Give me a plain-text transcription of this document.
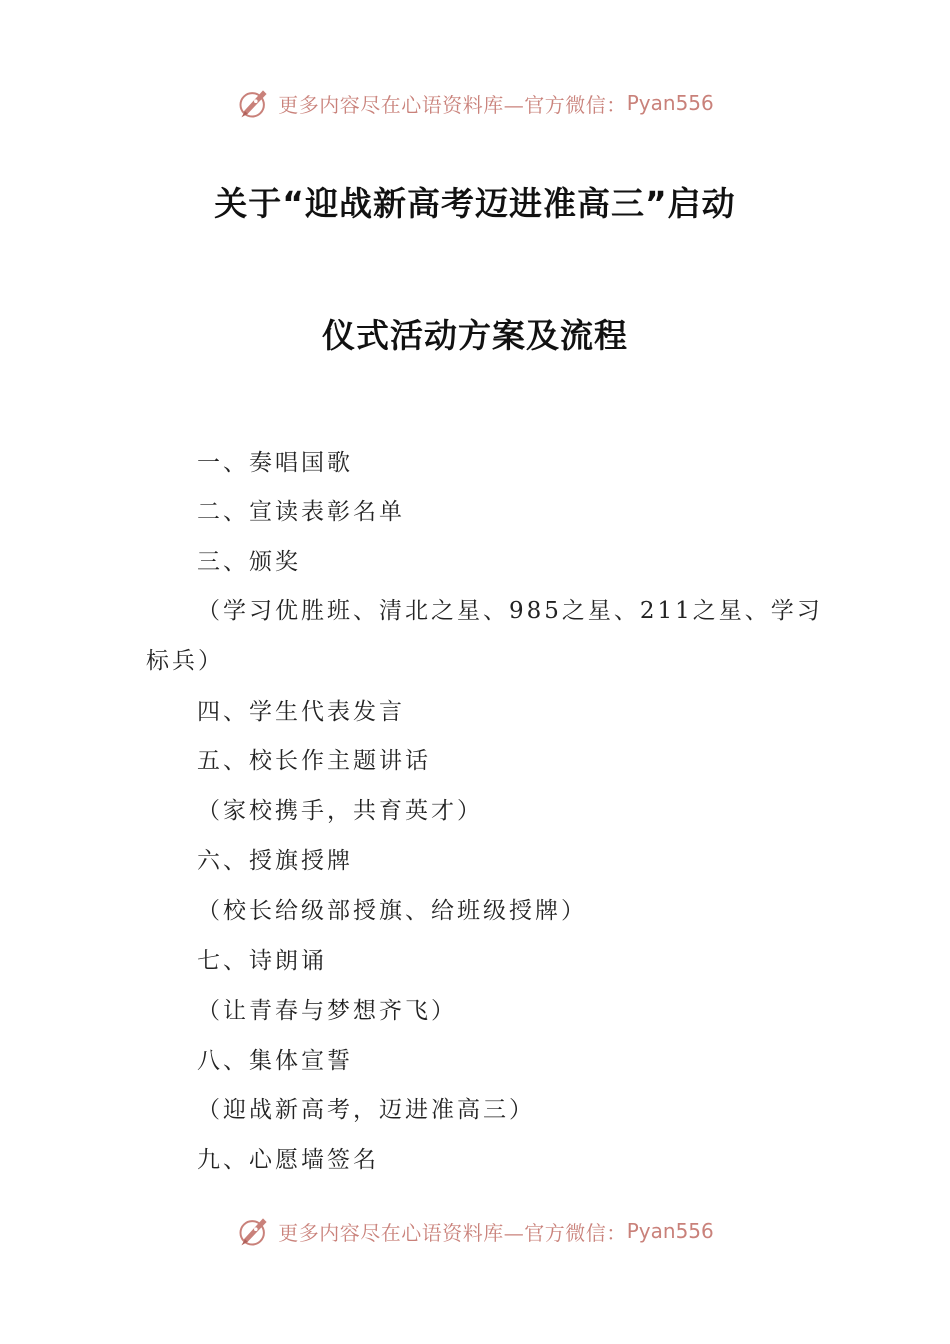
更多内容尽在心语资料库—官方微信： Pyan556
关于“迎战新高考迈进准高三”启动
仪式活动方案及流程
一、奏唱国歌
二、宣读表彰名单
三、颁奖
（学习优胜班、清北之星、985之星、211之星、学习
标兵）
四、学生代表发言
五、校长作主题讲话
（家校携手，共育英才）
六、授旗授牌
（校长给级部授旗、给班级授牌）
七、诗朗诵
（让青春与梦想齐飞）
八、集体宣誓
（迎战新高考，迈进准高三）
九、心愿墙签名
更多内容尽在心语资料库—官方微信： Pyan556
